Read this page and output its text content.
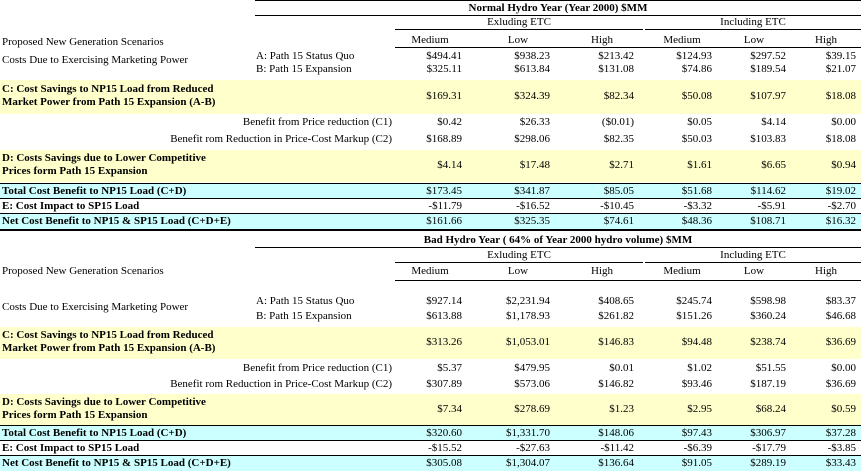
Normal Hydro Year (Year 2000) $MM
Exluding ETC	Including ETC
Proposed New Generation Scenarios	Medium	Low	High	Medium	Low	High
Costs Due to Exercising Marketing Power	A: Path 15 Status Quo	$494.41	$938.23	$213.42	$124.93	$297.52	$39.15
B: Path 15 Expansion	$325.11	$613.84	$131.08	$74.86	$189.54	$21.07
C: Cost Savings to NP15 Load from Reduced
Market Power from Path 15 Expansion (A-B)	$169.31	$324.39	$82.34	$50.08	$107.97	$18.08
Benefit from Price reduction (C1)	$0.42	$26.33	($0.01)	$0.05	$4.14	$0.00
Benefit rom Reduction in Price-Cost Markup (C2)	$168.89	$298.06	$82.35	$50.03	$103.83	$18.08
D: Costs Savings due to Lower Competitive
Prices form Path 15 Expansion	$4.14	$17.48	$2.71	$1.61	$6.65	$0.94
Total Cost Benefit to NP15 Load (C+D)	$173.45	$341.87	$85.05	$51.68	$114.62	$19.02
E: Cost Impact to SP15 Load	-$11.79	-$16.52	-$10.45	-$3.32	-$5.91	-$2.70
Net Cost Benefit to NP15 & SP15 Load (C+D+E)	$161.66	$325.35	$74.61	$48.36	$108.71	$16.32
Bad Hydro Year ( 64% of Year 2000 hydro volume) $MM
Exluding ETC	Including ETC
Proposed New Generation Scenarios	Medium	Low	High	Medium	Low	High
Costs Due to Exercising Marketing Power	A: Path 15 Status Quo	$927.14	$2,231.94	$408.65	$245.74	$598.98	$83.37
B: Path 15 Expansion	$613.88	$1,178.93	$261.82	$151.26	$360.24	$46.68
C: Cost Savings to NP15 Load from Reduced
Market Power from Path 15 Expansion (A-B)	$313.26	$1,053.01	$146.83	$94.48	$238.74	$36.69
Benefit from Price reduction (C1)	$5.37	$479.95	$0.01	$1.02	$51.55	$0.00
Benefit rom Reduction in Price-Cost Markup (C2)	$307.89	$573.06	$146.82	$93.46	$187.19	$36.69
D: Costs Savings due to Lower Competitive
Prices form Path 15 Expansion	$7.34	$278.69	$1.23	$2.95	$68.24	$0.59
Total Cost Benefit to NP15 Load (C+D)	$320.60	$1,331.70	$148.06	$97.43	$306.97	$37.28
E: Cost Impact to SP15 Load	-$15.52	-$27.63	-$11.42	-$6.39	-$17.79	-$3.85
Net Cost Benefit to NP15 & SP15 Load (C+D+E)	$305.08	$1,304.07	$136.64	$91.05	$289.19	$33.43
